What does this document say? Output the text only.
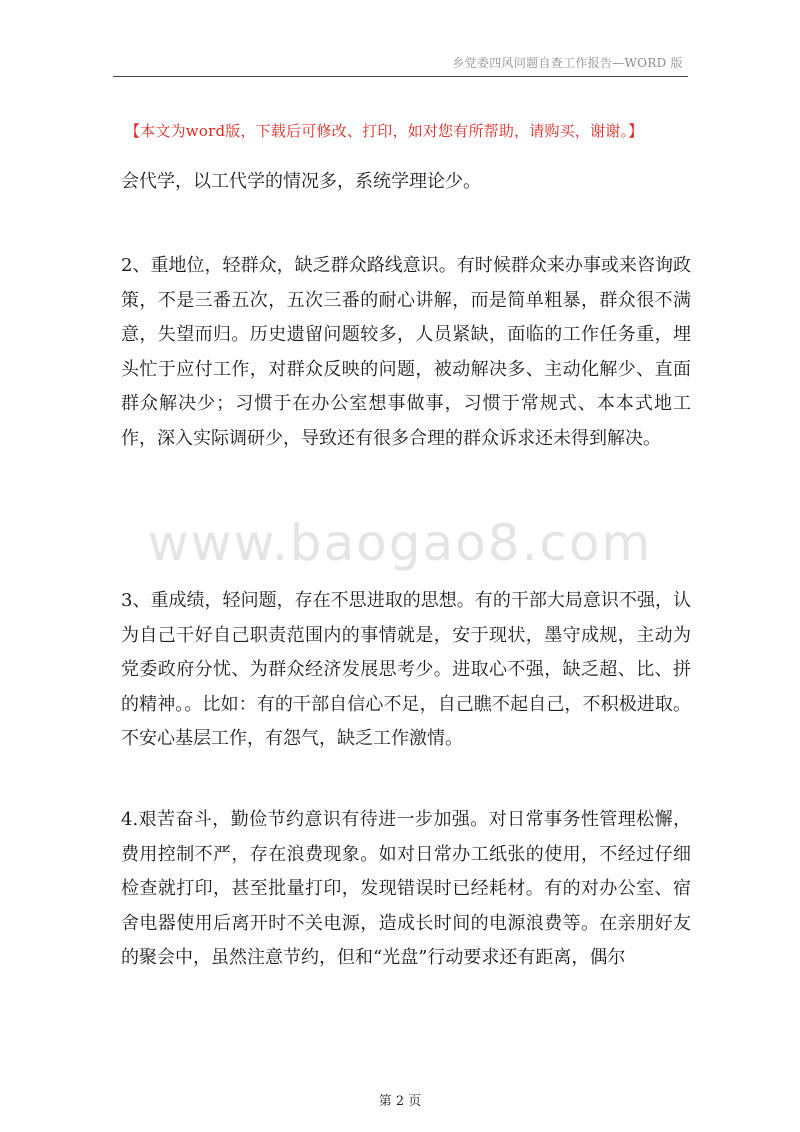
乡党委四风问题自查工作报告—WORD 版
【本文为word版，下载后可修改、打印，如对您有所帮助，请购买，谢谢。】

会代学，以工代学的情况多，系统学理论少。

2、重地位，轻群众，缺乏群众路线意识。有时候群众来办事或来咨询政策，不是三番五次，五次三番的耐心讲解，而是简单粗暴，群众很不满意，失望而归。历史遗留问题较多，人员紧缺，面临的工作任务重，埋头忙于应付工作，对群众反映的问题，被动解决多、主动化解少、直面群众解决少；习惯于在办公室想事做事，习惯于常规式、本本式地工作，深入实际调研少，导致还有很多合理的群众诉求还未得到解决。

www.baogao8.com

3、重成绩，轻问题，存在不思进取的思想。有的干部大局意识不强，认为自己干好自己职责范围内的事情就是，安于现状，墨守成规，主动为党委政府分忧、为群众经济发展思考少。进取心不强，缺乏超、比、拼的精神。。比如：有的干部自信心不足，自己瞧不起自己，不积极进取。不安心基层工作，有怨气，缺乏工作激情。

4.艰苦奋斗，勤俭节约意识有待进一步加强。对日常事务性管理松懈，费用控制不严，存在浪费现象。如对日常办工纸张的使用，不经过仔细检查就打印，甚至批量打印，发现错误时已经耗材。有的对办公室、宿舍电器使用后离开时不关电源，造成长时间的电源浪费等。在亲朋好友的聚会中，虽然注意节约，但和“光盘”行动要求还有距离，偶尔

第 2 页
